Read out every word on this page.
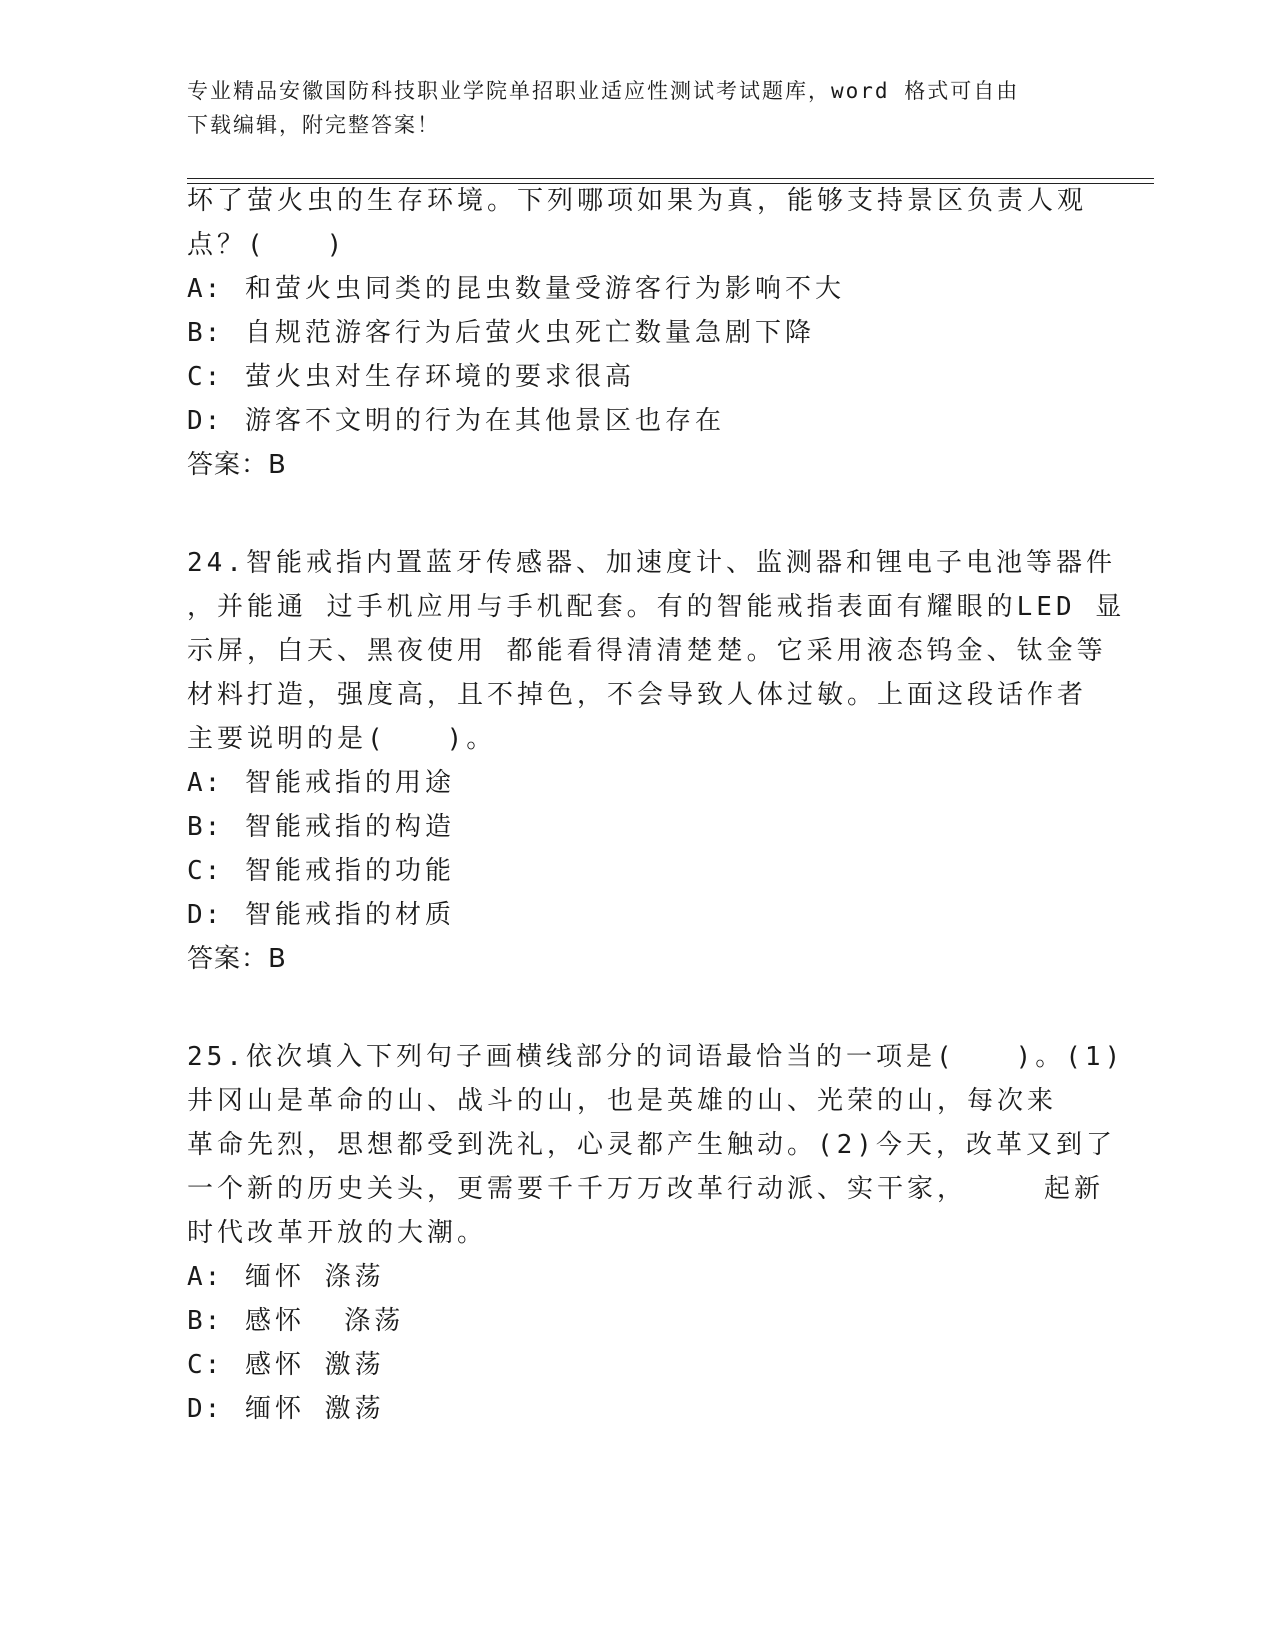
专业精品安徽国防科技职业学院单招职业适应性测试考试题库，word 格式可自由
下载编辑，附完整答案！
坏了萤火虫的生存环境。下列哪项如果为真，能够支持景区负责人观
点？(　　)
A: 和萤火虫同类的昆虫数量受游客行为影响不大
B: 自规范游客行为后萤火虫死亡数量急剧下降
C: 萤火虫对生存环境的要求很高
D: 游客不文明的行为在其他景区也存在
答案：B
24.智能戒指内置蓝牙传感器、加速度计、监测器和锂电子电池等器件
，并能通 过手机应用与手机配套。有的智能戒指表面有耀眼的LED 显
示屏，白天、黑夜使用 都能看得清清楚楚。它采用液态钨金、钛金等
材料打造，强度高，且不掉色，不会导致人体过敏。上面这段话作者
主要说明的是(　　)。
A: 智能戒指的用途
B: 智能戒指的构造
C: 智能戒指的功能
D: 智能戒指的材质
答案：B
25.依次填入下列句子画横线部分的词语最恰当的一项是(　　)。(1)
井冈山是革命的山、战斗的山，也是英雄的山、光荣的山，每次来
革命先烈，思想都受到洗礼，心灵都产生触动。(2)今天，改革又到了
一个新的历史关头，更需要千千万万改革行动派、实干家，　　　起新
时代改革开放的大潮。
A: 缅怀 涤荡
B: 感怀  涤荡
C: 感怀 激荡
D: 缅怀 激荡
